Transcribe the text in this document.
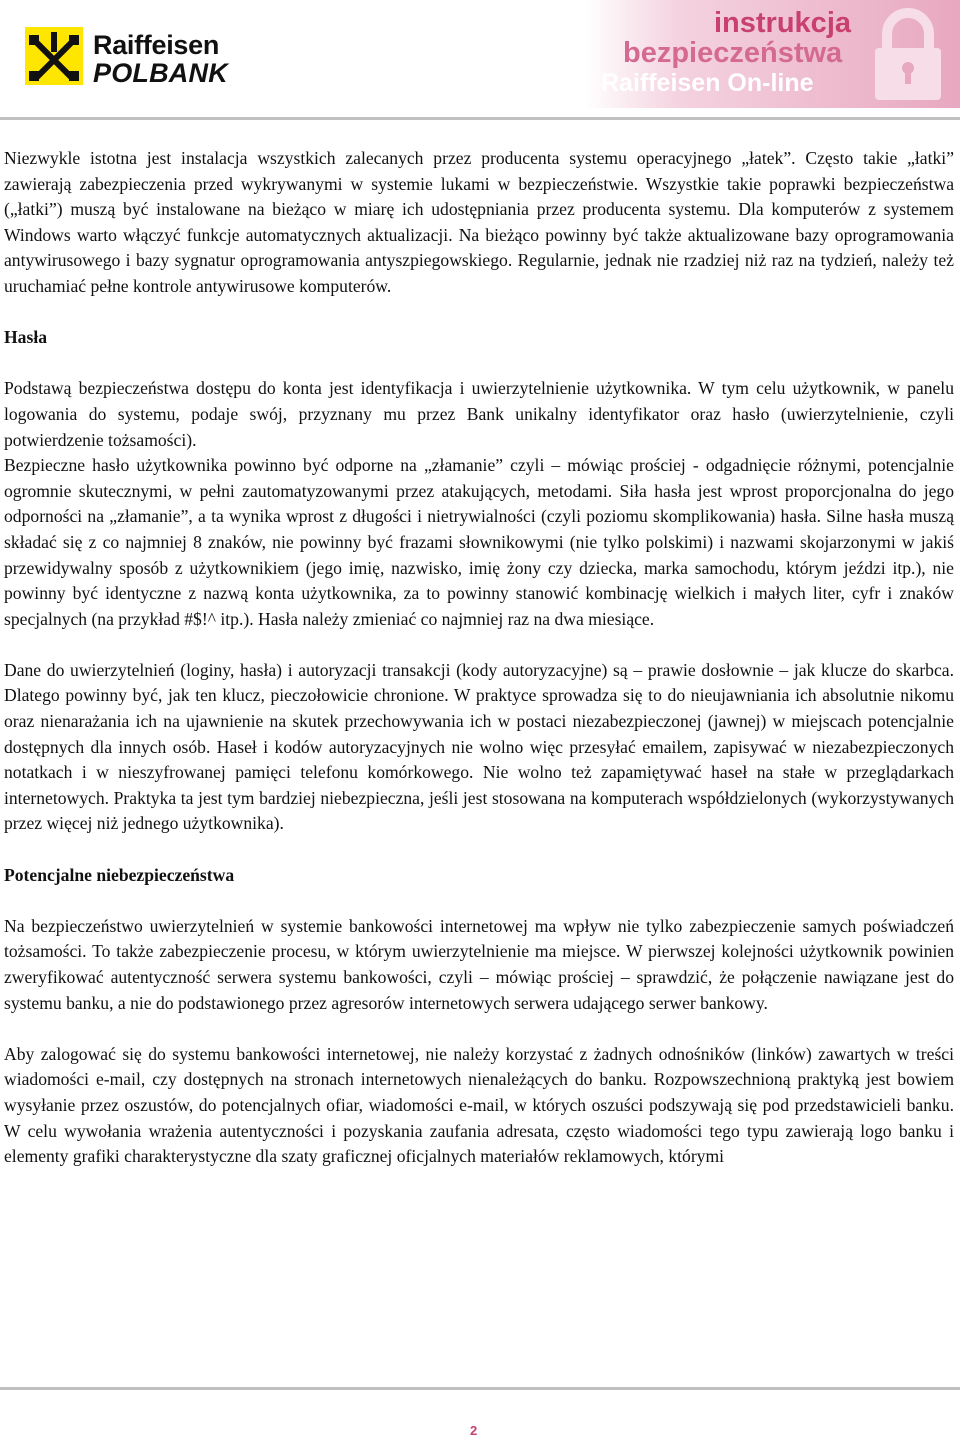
Raiffeisen
POLBANK
instrukcja
bezpieczeństwa
Raiffeisen On-line

Niezwykle istotna jest instalacja wszystkich zalecanych przez producenta systemu operacyjnego „łatek”. Często takie „łatki” zawierają zabezpieczenia przed wykrywanymi w systemie lukami w bezpieczeństwie. Wszystkie takie poprawki bezpieczeństwa („łatki”) muszą być instalowane na bieżąco w miarę ich udostępniania przez producenta systemu. Dla komputerów z systemem Windows warto włączyć funkcje automatycznych aktualizacji. Na bieżąco powinny być także aktualizowane bazy oprogramowania antywirusowego i bazy sygnatur oprogramowania antyszpiegowskiego. Regularnie, jednak nie rzadziej niż raz na tydzień, należy też uruchamiać pełne kontrole antywirusowe komputerów.

Hasła

Podstawą bezpieczeństwa dostępu do konta jest identyfikacja i uwierzytelnienie użytkownika. W tym celu użytkownik, w panelu logowania do systemu, podaje swój, przyznany mu przez Bank unikalny identyfikator oraz hasło (uwierzytelnienie, czyli potwierdzenie tożsamości).

Bezpieczne hasło użytkownika powinno być odporne na „złamanie” czyli – mówiąc prościej - odgadnięcie różnymi, potencjalnie ogromnie skutecznymi, w pełni zautomatyzowanymi przez atakujących, metodami. Siła hasła jest wprost proporcjonalna do jego odporności na „złamanie”, a ta wynika wprost z długości i nietrywialności (czyli poziomu skomplikowania) hasła. Silne hasła muszą składać się z co najmniej 8 znaków, nie powinny być frazami słownikowymi (nie tylko polskimi) i nazwami skojarzonymi w jakiś przewidywalny sposób z użytkownikiem (jego imię, nazwisko, imię żony czy dziecka, marka samochodu, którym jeździ itp.), nie powinny być identyczne z nazwą konta użytkownika, za to powinny stanowić kombinację wielkich i małych liter, cyfr i znaków specjalnych (na przykład #$!^ itp.). Hasła należy zmieniać co najmniej raz na dwa miesiące.

Dane do uwierzytelnień (loginy, hasła) i autoryzacji transakcji (kody autoryzacyjne) są – prawie dosłownie – jak klucze do skarbca. Dlatego powinny być, jak ten klucz, pieczołowicie chronione. W praktyce sprowadza się to do nieujawniania ich absolutnie nikomu oraz nienarażania ich na ujawnienie na skutek przechowywania ich w postaci niezabezpieczonej (jawnej) w miejscach potencjalnie dostępnych dla innych osób. Haseł i kodów autoryzacyjnych nie wolno więc przesyłać emailem, zapisywać w niezabezpieczonych notatkach i w nieszyfrowanej pamięci telefonu komórkowego. Nie wolno też zapamiętywać haseł na stałe w przeglądarkach internetowych. Praktyka ta jest tym bardziej niebezpieczna, jeśli jest stosowana na komputerach współdzielonych (wykorzystywanych przez więcej niż jednego użytkownika).

Potencjalne niebezpieczeństwa

Na bezpieczeństwo uwierzytelnień w systemie bankowości internetowej ma wpływ nie tylko zabezpieczenie samych poświadczeń tożsamości. To także zabezpieczenie procesu, w którym uwierzytelnienie ma miejsce. W pierwszej kolejności użytkownik powinien zweryfikować autentyczność serwera systemu bankowości, czyli – mówiąc prościej – sprawdzić, że połączenie nawiązane jest do systemu banku, a nie do podstawionego przez agresorów internetowych serwera udającego serwer bankowy.

Aby zalogować się do systemu bankowości internetowej, nie należy korzystać z żadnych odnośników (linków) zawartych w treści wiadomości e-mail, czy dostępnych na stronach internetowych nienależących do banku. Rozpowszechnioną praktyką jest bowiem wysyłanie przez oszustów, do potencjalnych ofiar, wiadomości e-mail, w których oszuści podszywają się pod przedstawicieli banku. W celu wywołania wrażenia autentyczności i pozyskania zaufania adresata, często wiadomości tego typu zawierają logo banku i elementy grafiki charakterystyczne dla szaty graficznej oficjalnych materiałów reklamowych, którymi

2
